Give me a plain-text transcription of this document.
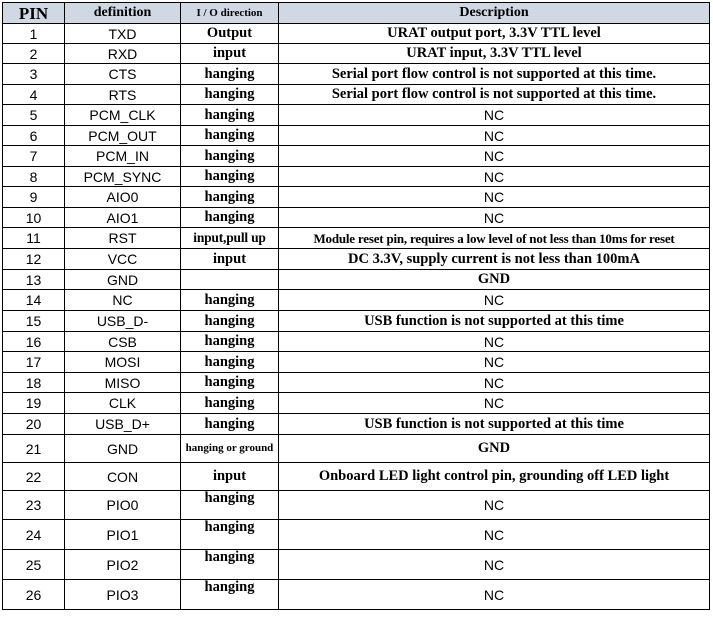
PIN	definition	I / O direction	Description
1	TXD	Output	URAT output port, 3.3V TTL level
2	RXD	input	URAT input, 3.3V TTL level
3	CTS	hanging	Serial port flow control is not supported at this time.
4	RTS	hanging	Serial port flow control is not supported at this time.
5	PCM_CLK	hanging	NC
6	PCM_OUT	hanging	NC
7	PCM_IN	hanging	NC
8	PCM_SYNC	hanging	NC
9	AIO0	hanging	NC
10	AIO1	hanging	NC
11	RST	input,pull up	Module reset pin, requires a low level of not less than 10ms for reset
12	VCC	input	DC 3.3V, supply current is not less than 100mA
13	GND		GND
14	NC	hanging	NC
15	USB_D-	hanging	USB function is not supported at this time
16	CSB	hanging	NC
17	MOSI	hanging	NC
18	MISO	hanging	NC
19	CLK	hanging	NC
20	USB_D+	hanging	USB function is not supported at this time
21	GND	hanging or ground	GND
22	CON	input	Onboard LED light control pin, grounding off LED light
23	PIO0	hanging	NC
24	PIO1	hanging	NC
25	PIO2	hanging	NC
26	PIO3	hanging	NC
